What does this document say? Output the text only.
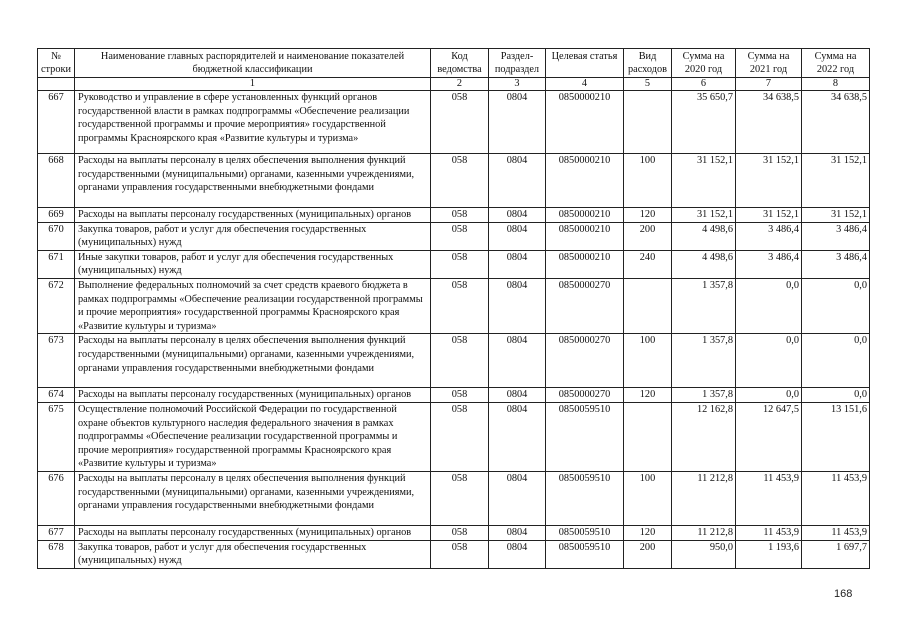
№ строки	Наименование главных распорядителей и наименование показателей бюджетной классификации	Код ведомства	Раздел-подраздел	Целевая статья	Вид расходов	Сумма на 2020 год	Сумма на 2021 год	Сумма на 2022 год
	1	2	3	4	5	6	7	8
667	Руководство и управление в сфере установленных функций органов государственной власти в рамках подпрограммы «Обеспечение реализации государственной программы и прочие мероприятия» государственной программы Красноярского края «Развитие культуры и туризма»	058	0804	0850000210		35 650,7	34 638,5	34 638,5
668	Расходы на выплаты персоналу в целях обеспечения выполнения функций государственными (муниципальными) органами, казенными учреждениями, органами управления государственными внебюджетными фондами	058	0804	0850000210	100	31 152,1	31 152,1	31 152,1
669	Расходы на выплаты персоналу государственных (муниципальных) органов	058	0804	0850000210	120	31 152,1	31 152,1	31 152,1
670	Закупка товаров, работ и услуг для обеспечения государственных (муниципальных) нужд	058	0804	0850000210	200	4 498,6	3 486,4	3 486,4
671	Иные закупки товаров, работ и услуг для обеспечения государственных (муниципальных) нужд	058	0804	0850000210	240	4 498,6	3 486,4	3 486,4
672	Выполнение федеральных полномочий за счет средств краевого бюджета в рамках подпрограммы «Обеспечение реализации государственной программы и прочие мероприятия» государственной программы Красноярского края «Развитие культуры и туризма»	058	0804	0850000270		1 357,8	0,0	0,0
673	Расходы на выплаты персоналу в целях обеспечения выполнения функций государственными (муниципальными) органами, казенными учреждениями, органами управления государственными внебюджетными фондами	058	0804	0850000270	100	1 357,8	0,0	0,0
674	Расходы на выплаты персоналу государственных (муниципальных) органов	058	0804	0850000270	120	1 357,8	0,0	0,0
675	Осуществление полномочий Российской Федерации по государственной охране объектов культурного наследия федерального значения в рамках подпрограммы «Обеспечение реализации государственной программы и прочие мероприятия» государственной программы Красноярского края «Развитие культуры и туризма»	058	0804	0850059510		12 162,8	12 647,5	13 151,6
676	Расходы на выплаты персоналу в целях обеспечения выполнения функций государственными (муниципальными) органами, казенными учреждениями, органами управления государственными внебюджетными фондами	058	0804	0850059510	100	11 212,8	11 453,9	11 453,9
677	Расходы на выплаты персоналу государственных (муниципальных) органов	058	0804	0850059510	120	11 212,8	11 453,9	11 453,9
678	Закупка товаров, работ и услуг для обеспечения государственных (муниципальных) нужд	058	0804	0850059510	200	950,0	1 193,6	1 697,7
168
